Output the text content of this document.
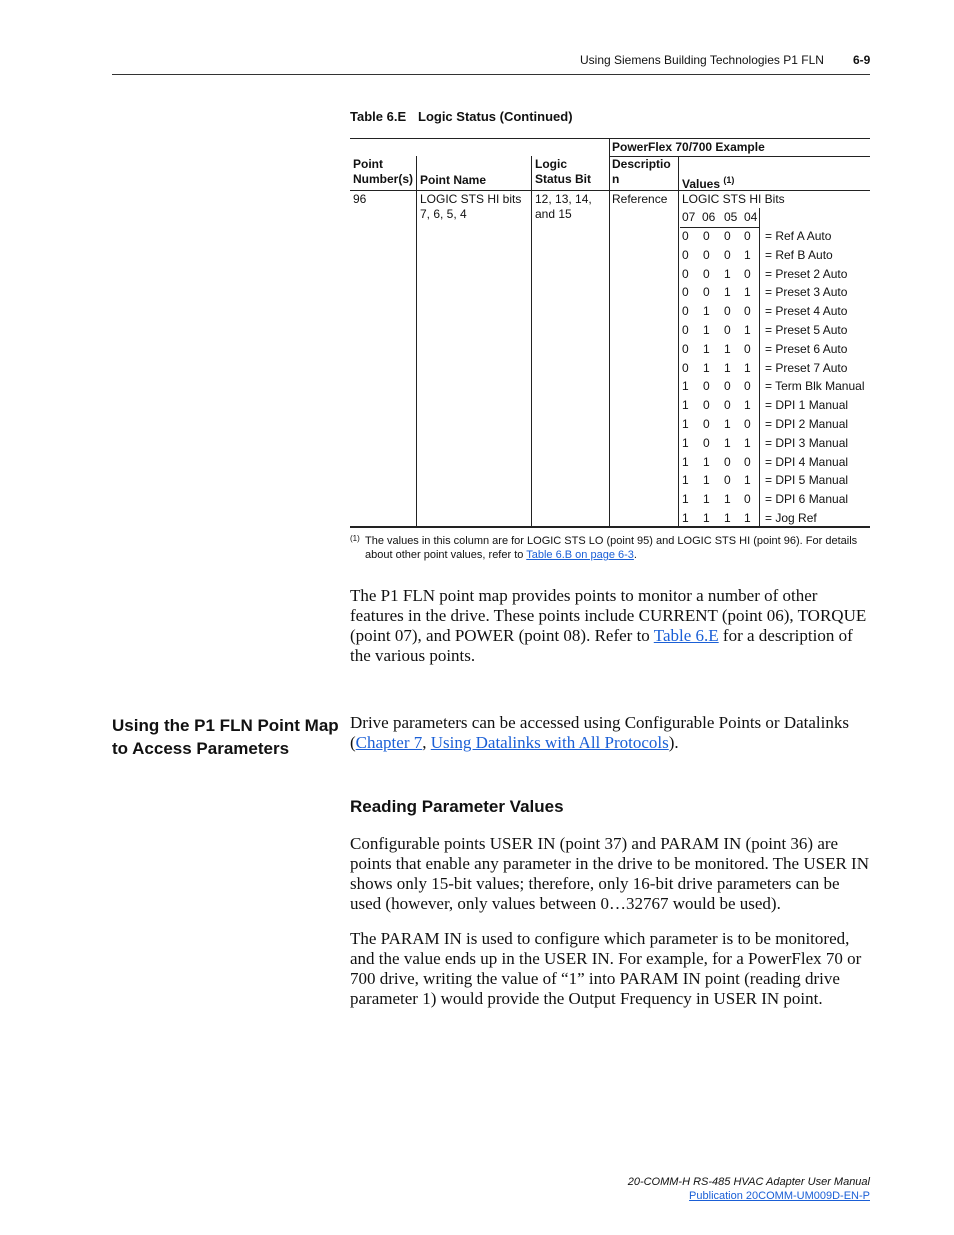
Using Siemens Building Technologies P1 FLN 6-9
Table 6.E Logic Status (Continued)
PowerFlex 70/700 Example
Point Number(s) Point Name
Logic Status Bit
Descriptio n	Values $^{(1)}$
96	LOGIC STS HI bits 7, 6, 5, 4
12, 13, 14, and 15
Reference LOGIC STS HI Bits
07 06 05 04
0 0 0 0 = Ref A Auto
0 0 0 1 = Ref B Auto
0 0 1 0 = Preset 2 Auto
0 0 1 1 = Preset 3 Auto
0 1 0 0 = Preset 4 Auto
0 1 0 1 = Preset 5 Auto
0 1 1 0 = Preset 6 Auto
0 1 1 1 = Preset 7 Auto
1 0 0 0 = Term Blk Manual
1 0 0 1 = DPI 1 Manual
1 0 1 0 = DPI 2 Manual
1 0 1 1 = DPI 3 Manual
1 1 0 0 = DPI 4 Manual
1 1 0 1 = DPI 5 Manual
1 1 1 0 = DPI 6 Manual
1 1 1 1 = Jog Ref
(1) The values in this column are for LOGIC STS LO (point 95) and LOGIC STS HI (point 96). For details about other point values, refer to Table 6.B on page 6-3.
The P1 FLN point map provides points to monitor a number of other features in the drive. These points include CURRENT (point 06), TORQUE (point 07), and POWER (point 08). Refer to Table 6.E for a description of the various points.
Using the P1 FLN Point Map to Access Parameters
Drive parameters can be accessed using Configurable Points or Datalinks (Chapter 7, Using Datalinks with All Protocols).
Reading Parameter Values
Configurable points USER IN (point 37) and PARAM IN (point 36) are points that enable any parameter in the drive to be monitored. The USER IN shows only 15-bit values; therefore, only 16-bit drive parameters can be used (however, only values between 0…32767 would be used).
The PARAM IN is used to configure which parameter is to be monitored, and the value ends up in the USER IN. For example, for a PowerFlex 70 or 700 drive, writing the value of “1” into PARAM IN point (reading drive parameter 1) would provide the Output Frequency in USER IN point.
20-COMM-H RS-485 HVAC Adapter User Manual
Publication 20COMM-UM009D-EN-P
